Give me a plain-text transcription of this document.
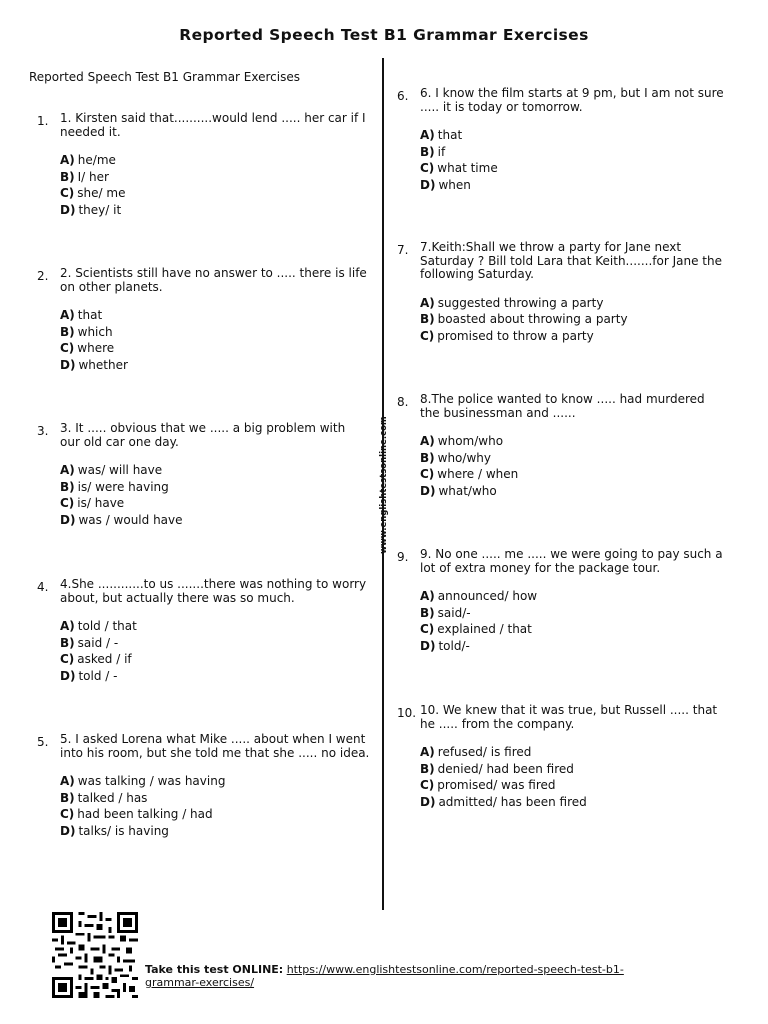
Reported Speech Test B1 Grammar Exercises
Reported Speech Test B1 Grammar Exercises
www.englishtestsonline.com
1. 1. Kirsten said that..........would lend ..... her car if I needed it.
A) he/me
B) I/ her
C) she/ me
D) they/ it
2. 2. Scientists still have no answer to ..... there is life on other planets.
A) that
B) which
C) where
D) whether
3. 3. It ..... obvious that we ..... a big problem with our old car one day.
A) was/ will have
B) is/ were having
C) is/ have
D) was / would have
4. 4.She ............to us .......there was nothing to worry about, but actually there was so much.
A) told / that
B) said / -
C) asked / if
D) told / -
5. 5. I asked Lorena what Mike ..... about when I went into his room, but she told me that she ..... no idea.
A) was talking / was having
B) talked / has
C) had been talking / had
D) talks/ is having
6. 6. I know the film starts at 9 pm, but I am not sure ..... it is today or tomorrow.
A) that
B) if
C) what time
D) when
7. 7.Keith:Shall we throw a party for Jane next Saturday ? Bill told Lara that Keith.......for Jane the following Saturday.
A) suggested throwing a party
B) boasted about throwing a party
C) promised to throw a party
8. 8.The police wanted to know ..... had murdered the businessman and ......
A) whom/who
B) who/why
C) where / when
D) what/who
9. 9. No one ..... me ..... we were going to pay such a lot of extra money for the package tour.
A) announced/ how
B) said/-
C) explained / that
D) told/-
10. 10. We knew that it was true, but Russell ..... that he ..... from the company.
A) refused/ is fired
B) denied/ had been fired
C) promised/ was fired
D) admitted/ has been fired
Take this test ONLINE: https://www.englishtestsonline.com/reported-speech-test-b1-grammar-exercises/
